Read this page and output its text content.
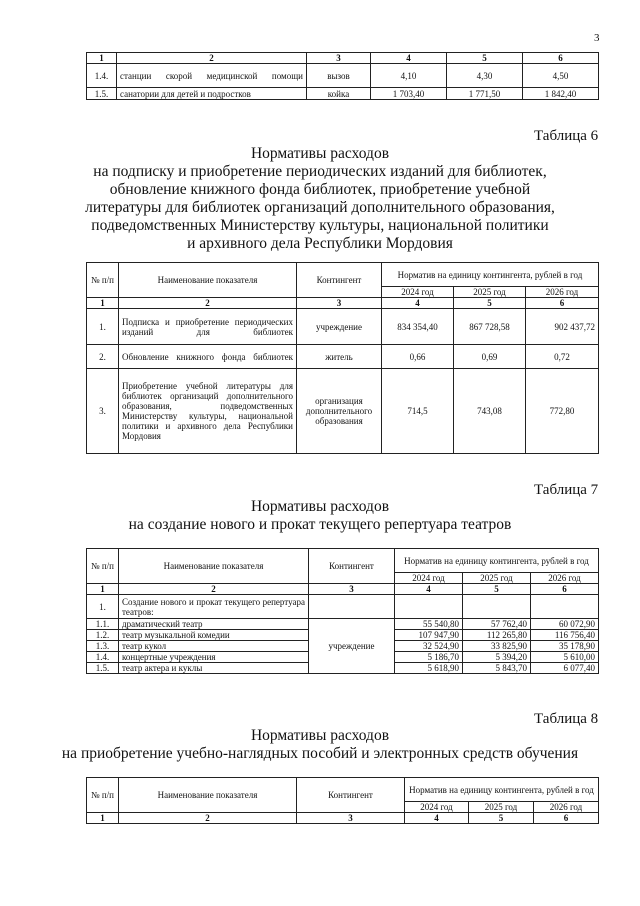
3
1	2	3	4	5	6
1.4.	станции скорой медицинской помощи	вызов	4,10	4,30	4,50
1.5.	санатории для детей и подростков	койка	1 703,40	1 771,50	1 842,40
Таблица 6
Нормативы расходов
на подписку и приобретение периодических изданий для библиотек,
обновление книжного фонда библиотек, приобретение учебной
литературы для библиотек организаций дополнительного образования,
подведомственных Министерству культуры, национальной политики
и архивного дела Республики Мордовия
№ п/п	Наименование показателя	Контингент	Норматив на единицу контингента, рублей в год		
			2024 год	2025 год	2026 год
1	2	3	4	5	6
1.	Подписка и приобретение периодических изданий для библиотек	учреждение	834 354,40	867 728,58	902 437,72
2.	Обновление книжного фонда библиотек	житель	0,66	0,69	0,72
3.	Приобретение учебной литературы для библиотек организаций дополнительного образования, подведомственных Министерству культуры, национальной политики и архивного дела Республики Мордовия	организация дополнительного образования	714,5	743,08	772,80
Таблица 7
Нормативы расходов
на создание нового и прокат текущего репертуара театров
№ п/п	Наименование показателя	Контингент	Норматив на единицу контингента, рублей в год		
			2024 год	2025 год	2026 год
1	2	3	4	5	6
1.	Создание нового и прокат текущего репертуара театров:				
1.1.	драматический театр	учреждение	55 540,80	57 762,40	60 072,90
1.2.	театр музыкальной комедии		107 947,90	112 265,80	116 756,40
1.3.	театр кукол		32 524,90	33 825,90	35 178,90
1.4.	концертные учреждения		5 186,70	5 394,20	5 610,00
1.5.	театр актера и куклы		5 618,90	5 843,70	6 077,40
Таблица 8
Нормативы расходов
на приобретение учебно-наглядных пособий и электронных средств обучения
№ п/п	Наименование показателя	Контингент	Норматив на единицу контингента, рублей в год		
			2024 год	2025 год	2026 год
1	2	3	4	5	6
